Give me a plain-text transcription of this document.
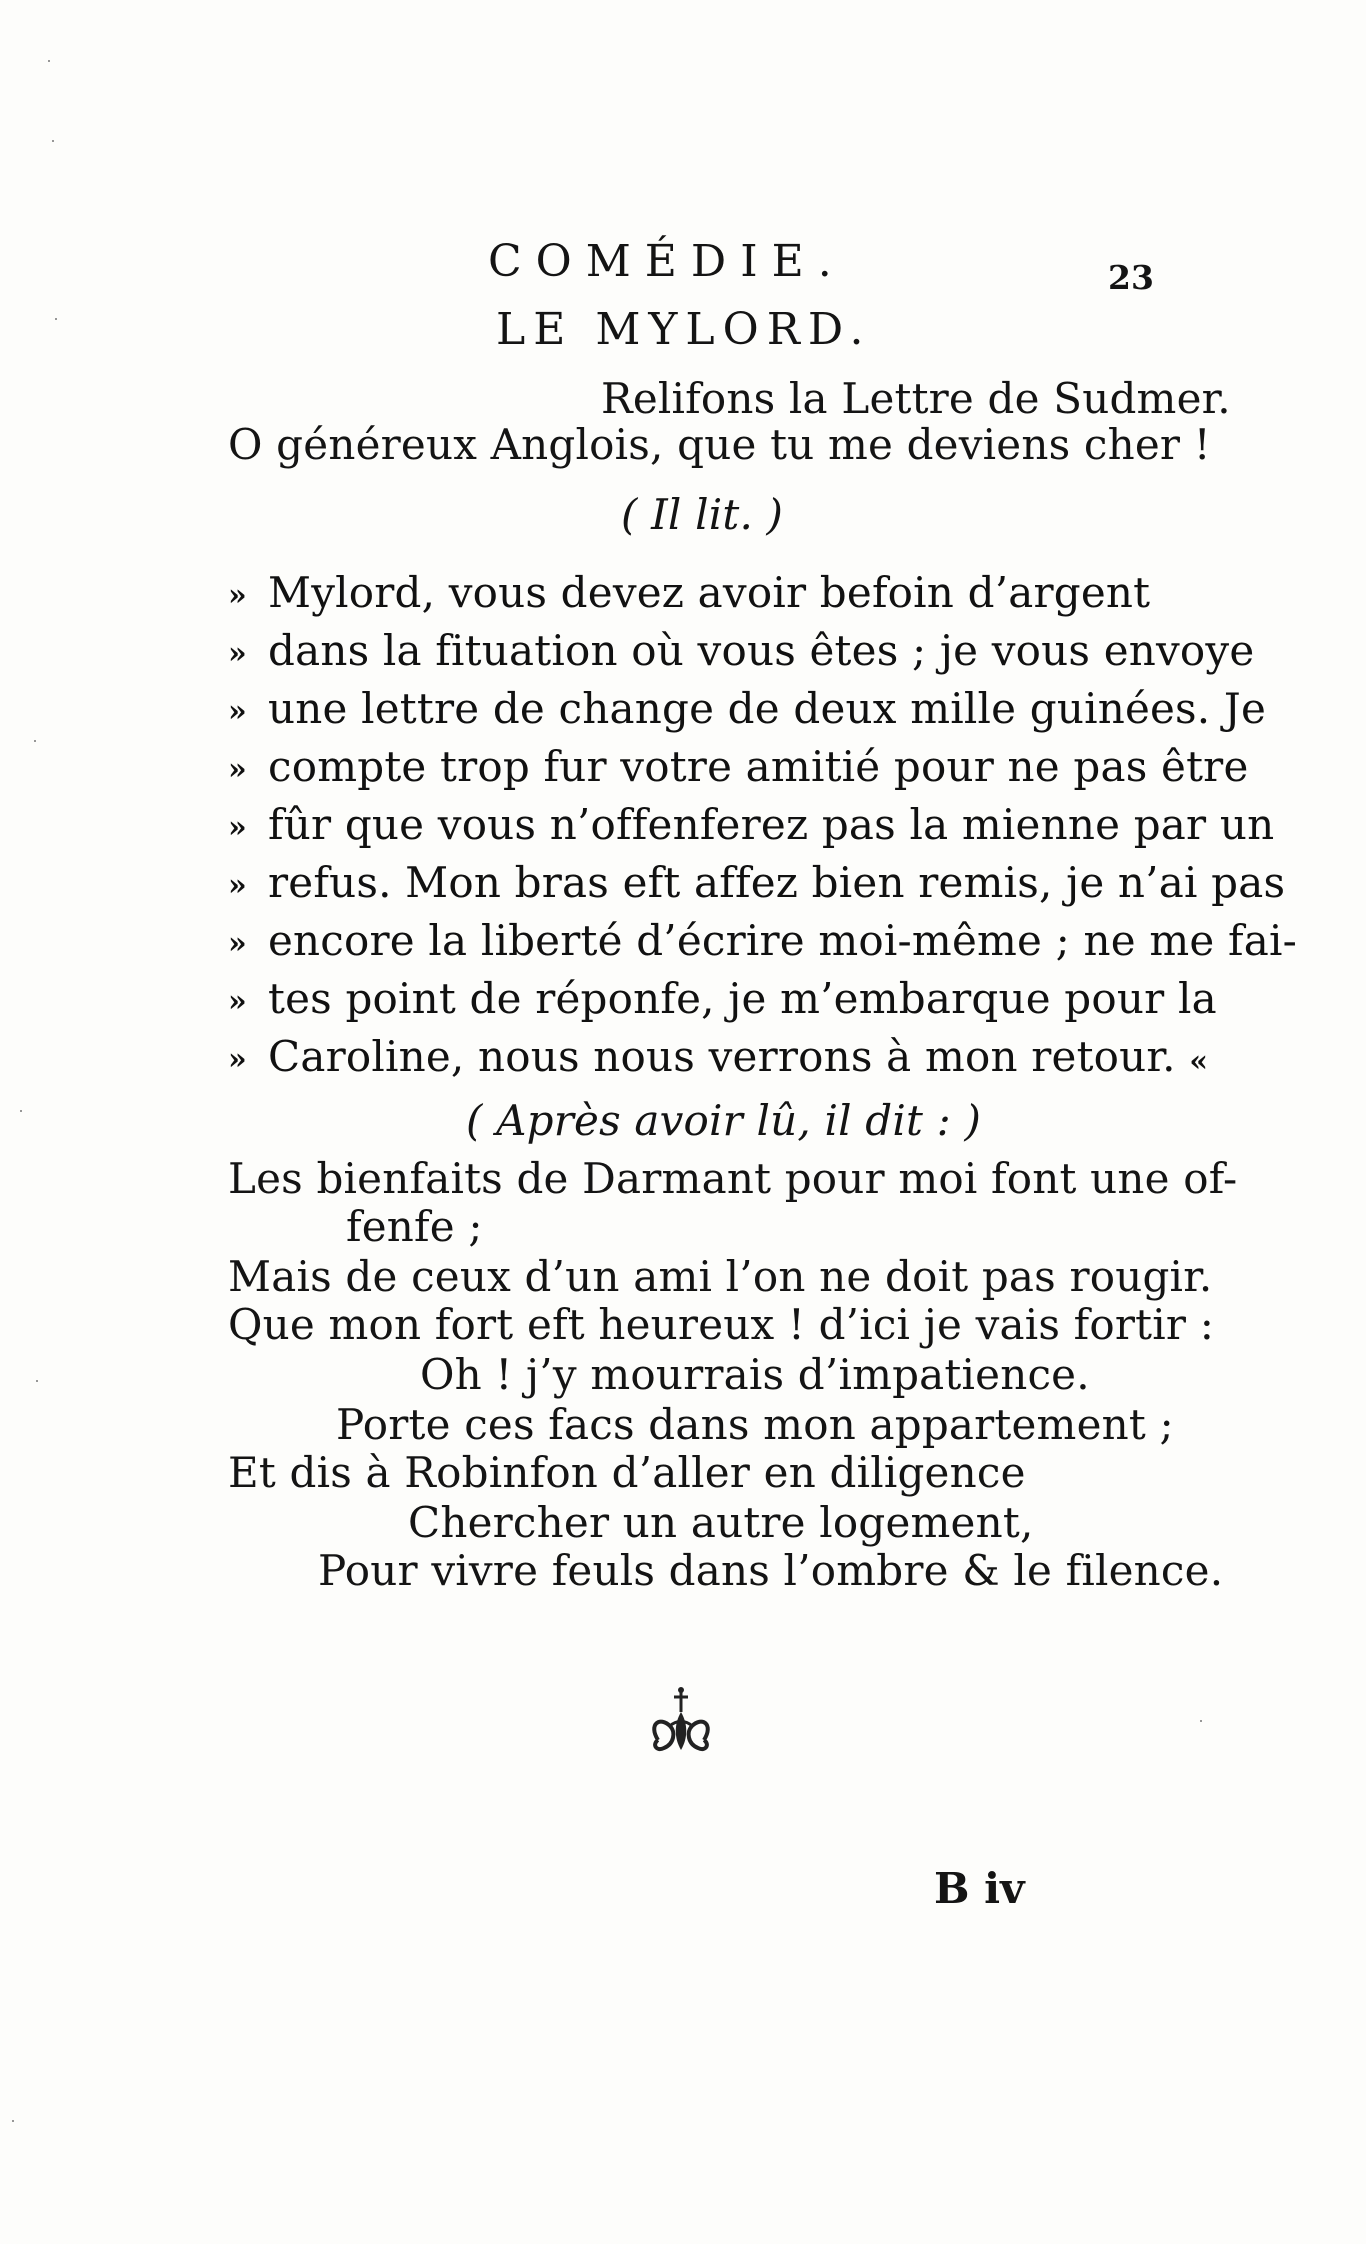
COMÉDIE.	23
LE MYLORD.
Relifons la Lettre de Sudmer.
O généreux Anglois, que tu me deviens cher !
( Il lit. )
» Mylord, vous devez avoir befoin d’argent
» dans la fituation où vous êtes ; je vous envoye
» une lettre de change de deux mille guinées. Je
» compte trop fur votre amitié pour ne pas être
» fûr que vous n’offenferez pas la mienne par un
» refus. Mon bras eft affez bien remis, je n’ai pas
» encore la liberté d’écrire moi-même ; ne me fai-
» tes point de réponfe, je m’embarque pour la
» Caroline, nous nous verrons à mon retour. «
( Après avoir lû, il dit : )
Les bienfaits de Darmant pour moi font une of-
fenfe ;
Mais de ceux d’un ami l’on ne doit pas rougir.
Que mon fort eft heureux ! d’ici je vais fortir :
Oh ! j’y mourrais d’impatience.
Porte ces facs dans mon appartement ;
Et dis à Robinfon d’aller en diligence
Chercher un autre logement,
Pour vivre feuls dans l’ombre & le filence.
B iv
